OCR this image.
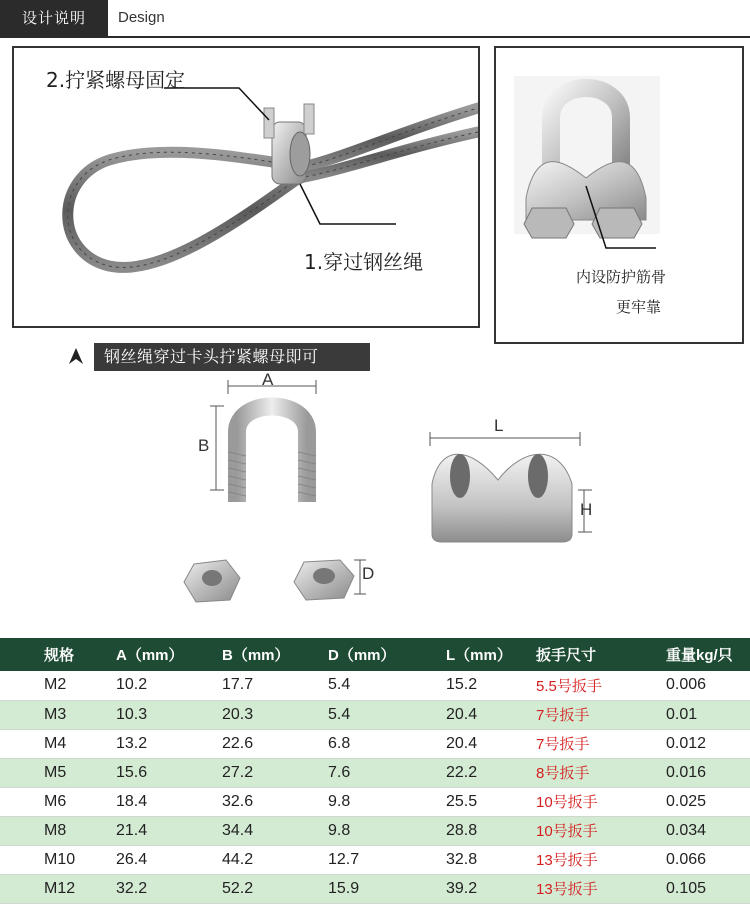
设计说明	Design
2.拧紧螺母固定
1.穿过钢丝绳
内设防护筋骨
更牢靠
钢丝绳穿过卡头拧紧螺母即可
A
B
L
H
D
规格	A（mm）	B（mm）	D（mm）	L（mm）	扳手尺寸	重量kg/只
M2	10.2	17.7	5.4	15.2	5.5号扳手	0.006
M3	10.3	20.3	5.4	20.4	7号扳手	0.01
M4	13.2	22.6	6.8	20.4	7号扳手	0.012
M5	15.6	27.2	7.6	22.2	8号扳手	0.016
M6	18.4	32.6	9.8	25.5	10号扳手	0.025
M8	21.4	34.4	9.8	28.8	10号扳手	0.034
M10	26.4	44.2	12.7	32.8	13号扳手	0.066
M12	32.2	52.2	15.9	39.2	13号扳手	0.105
